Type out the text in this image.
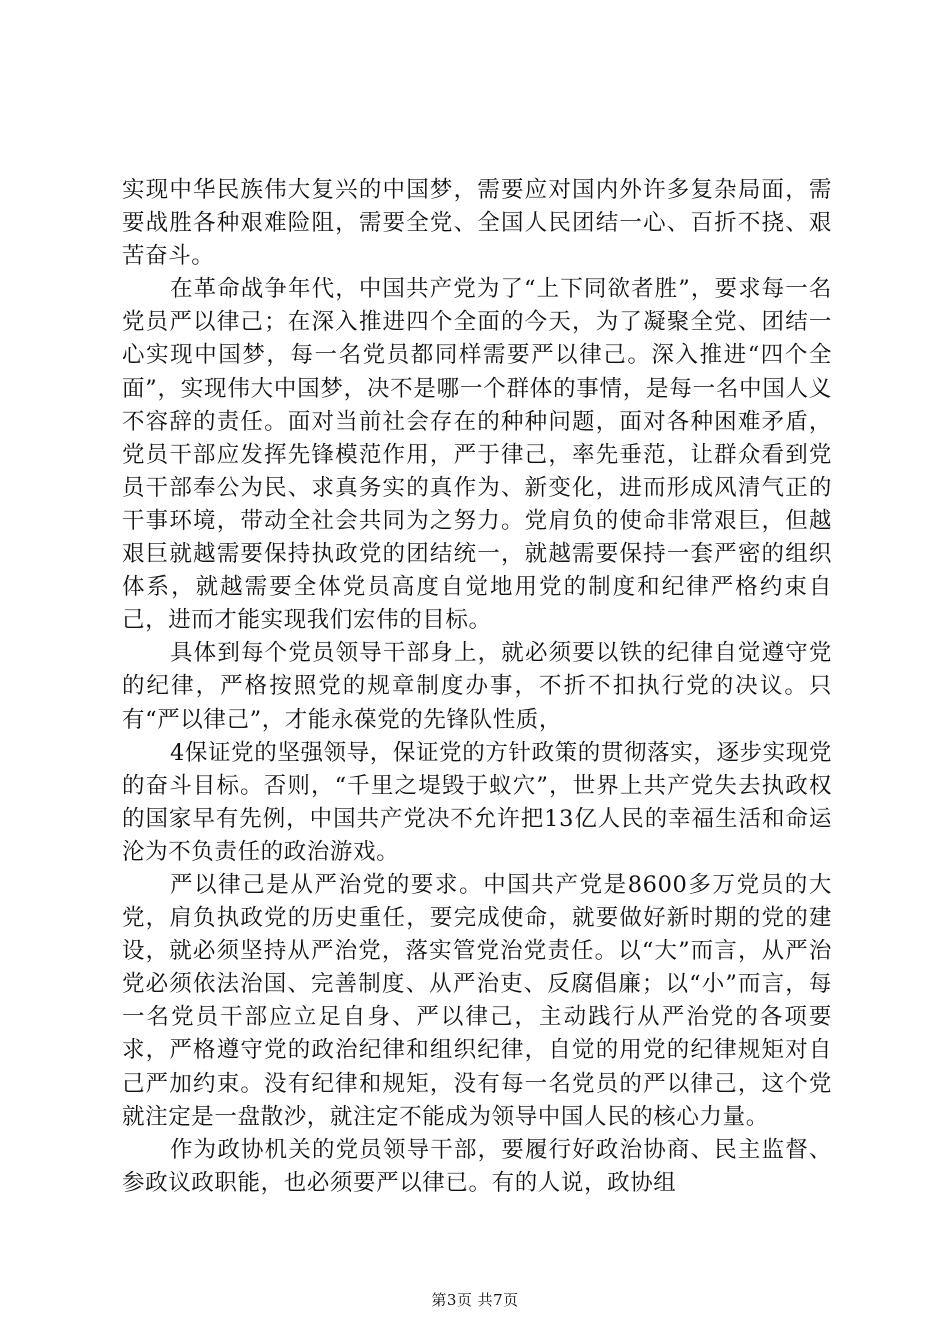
实现中华民族伟大复兴的中国梦，需要应对国内外许多复杂局面，需要战胜各种艰难险阻，需要全党、全国人民团结一心、百折不挠、艰苦奋斗。

在革命战争年代，中国共产党为了“上下同欲者胜”，要求每一名党员严以律己；在深入推进四个全面的今天，为了凝聚全党、团结一心实现中国梦，每一名党员都同样需要严以律己。深入推进“四个全面”，实现伟大中国梦，决不是哪一个群体的事情，是每一名中国人义不容辞的责任。面对当前社会存在的种种问题，面对各种困难矛盾，党员干部应发挥先锋模范作用，严于律己，率先垂范，让群众看到党员干部奉公为民、求真务实的真作为、新变化，进而形成风清气正的干事环境，带动全社会共同为之努力。党肩负的使命非常艰巨，但越艰巨就越需要保持执政党的团结统一，就越需要保持一套严密的组织体系，就越需要全体党员高度自觉地用党的制度和纪律严格约束自己，进而才能实现我们宏伟的目标。

具体到每个党员领导干部身上，就必须要以铁的纪律自觉遵守党的纪律，严格按照党的规章制度办事，不折不扣执行党的决议。只有“严以律己”，才能永葆党的先锋队性质，

4保证党的坚强领导，保证党的方针政策的贯彻落实，逐步实现党的奋斗目标。否则，“千里之堤毁于蚁穴”，世界上共产党失去执政权的国家早有先例，中国共产党决不允许把13亿人民的幸福生活和命运沦为不负责任的政治游戏。

严以律己是从严治党的要求。中国共产党是8600多万党员的大党，肩负执政党的历史重任，要完成使命，就要做好新时期的党的建设，就必须坚持从严治党，落实管党治党责任。以“大”而言，从严治党必须依法治国、完善制度、从严治吏、反腐倡廉；以“小”而言，每一名党员干部应立足自身、严以律己，主动践行从严治党的各项要求，严格遵守党的政治纪律和组织纪律，自觉的用党的纪律规矩对自己严加约束。没有纪律和规矩，没有每一名党员的严以律己，这个党就注定是一盘散沙，就注定不能成为领导中国人民的核心力量。

作为政协机关的党员领导干部，要履行好政治协商、民主监督、参政议政职能，也必须要严以律已。有的人说，政协组

第3页 共7页
